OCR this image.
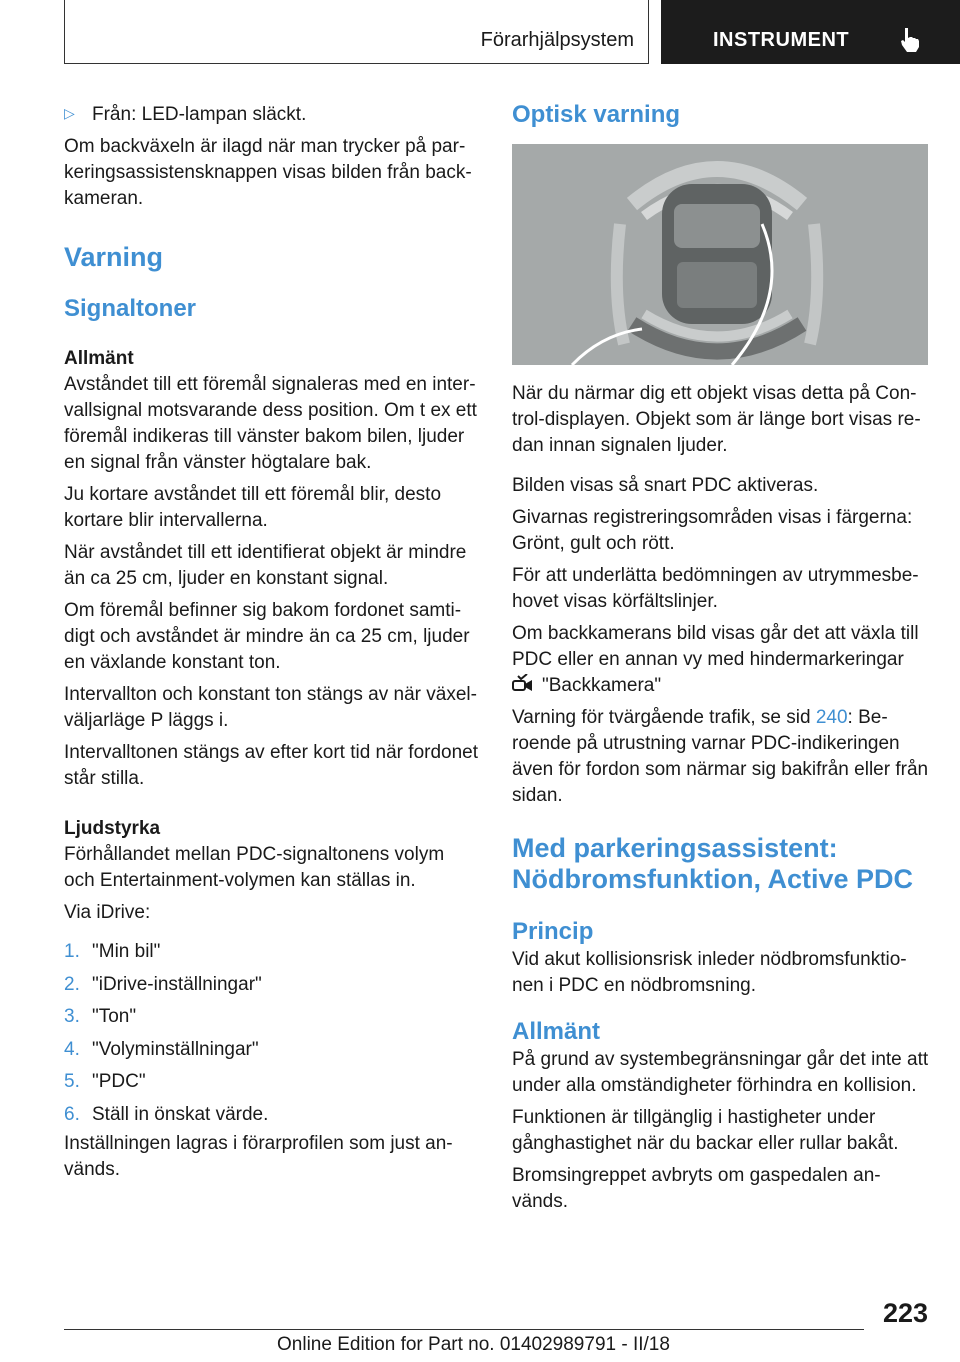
Förarhjälpsystem	INSTRUMENT

▷ Från: LED-lampan släckt.

Om backväxeln är ilagd när man trycker på par-keringsassistensknappen visas bilden från back-kameran.

Varning
Signaltoner
Allmänt

Avståndet till ett föremål signaleras med en inter-vallsignal motsvarande dess position. Om t ex ett föremål indikeras till vänster bakom bilen, ljuder en signal från vänster högtalare bak.

Ju kortare avståndet till ett föremål blir, desto kortare blir intervallerna.

När avståndet till ett identifierat objekt är mindre än ca 25 cm, ljuder en konstant signal.

Om föremål befinner sig bakom fordonet samti-digt och avståndet är mindre än ca 25 cm, ljuder en växlande konstant ton.

Intervallton och konstant ton stängs av när växel-väljarläge P läggs i.

Intervalltonen stängs av efter kort tid när fordonet står stilla.

Ljudstyrka

Förhållandet mellan PDC-signaltonens volym och Entertainment-volymen kan ställas in.

Via iDrive:

1. "Min bil"
2. "iDrive-inställningar"
3. "Ton"
4. "Volyminställningar"
5. "PDC"
6. Ställ in önskat värde.

Inställningen lagras i förarprofilen som just an-vänds.

Optisk varning

När du närmar dig ett objekt visas detta på Con-trol-displayen. Objekt som är länge bort visas re-dan innan signalen ljuder.

Bilden visas så snart PDC aktiveras.

Givarnas registreringsområden visas i färgerna: Grönt, gult och rött.

För att underlätta bedömningen av utrymmesbe-hovet visas körfältslinjer.

Om backkamerans bild visas går det att växla till PDC eller en annan vy med hindermarkeringar
"Backkamera"

Varning för tvärgående trafik, se sid 240: Be-roende på utrustning varnar PDC-indikeringen även för fordon som närmar sig bakifrån eller från sidan.

Med parkeringsassistent: Nödbromsfunktion, Active PDC
Princip

Vid akut kollisionsrisk inleder nödbromsfunktio-nen i PDC en nödbromsning.

Allmänt

På grund av systembegränsningar går det inte att under alla omständigheter förhindra en kollision.

Funktionen är tillgänglig i hastigheter under gånghastighet när du backar eller rullar bakåt.

Bromsingreppet avbryts om gaspedalen an-vänds.

223
Online Edition for Part no. 01402989791 - II/18
